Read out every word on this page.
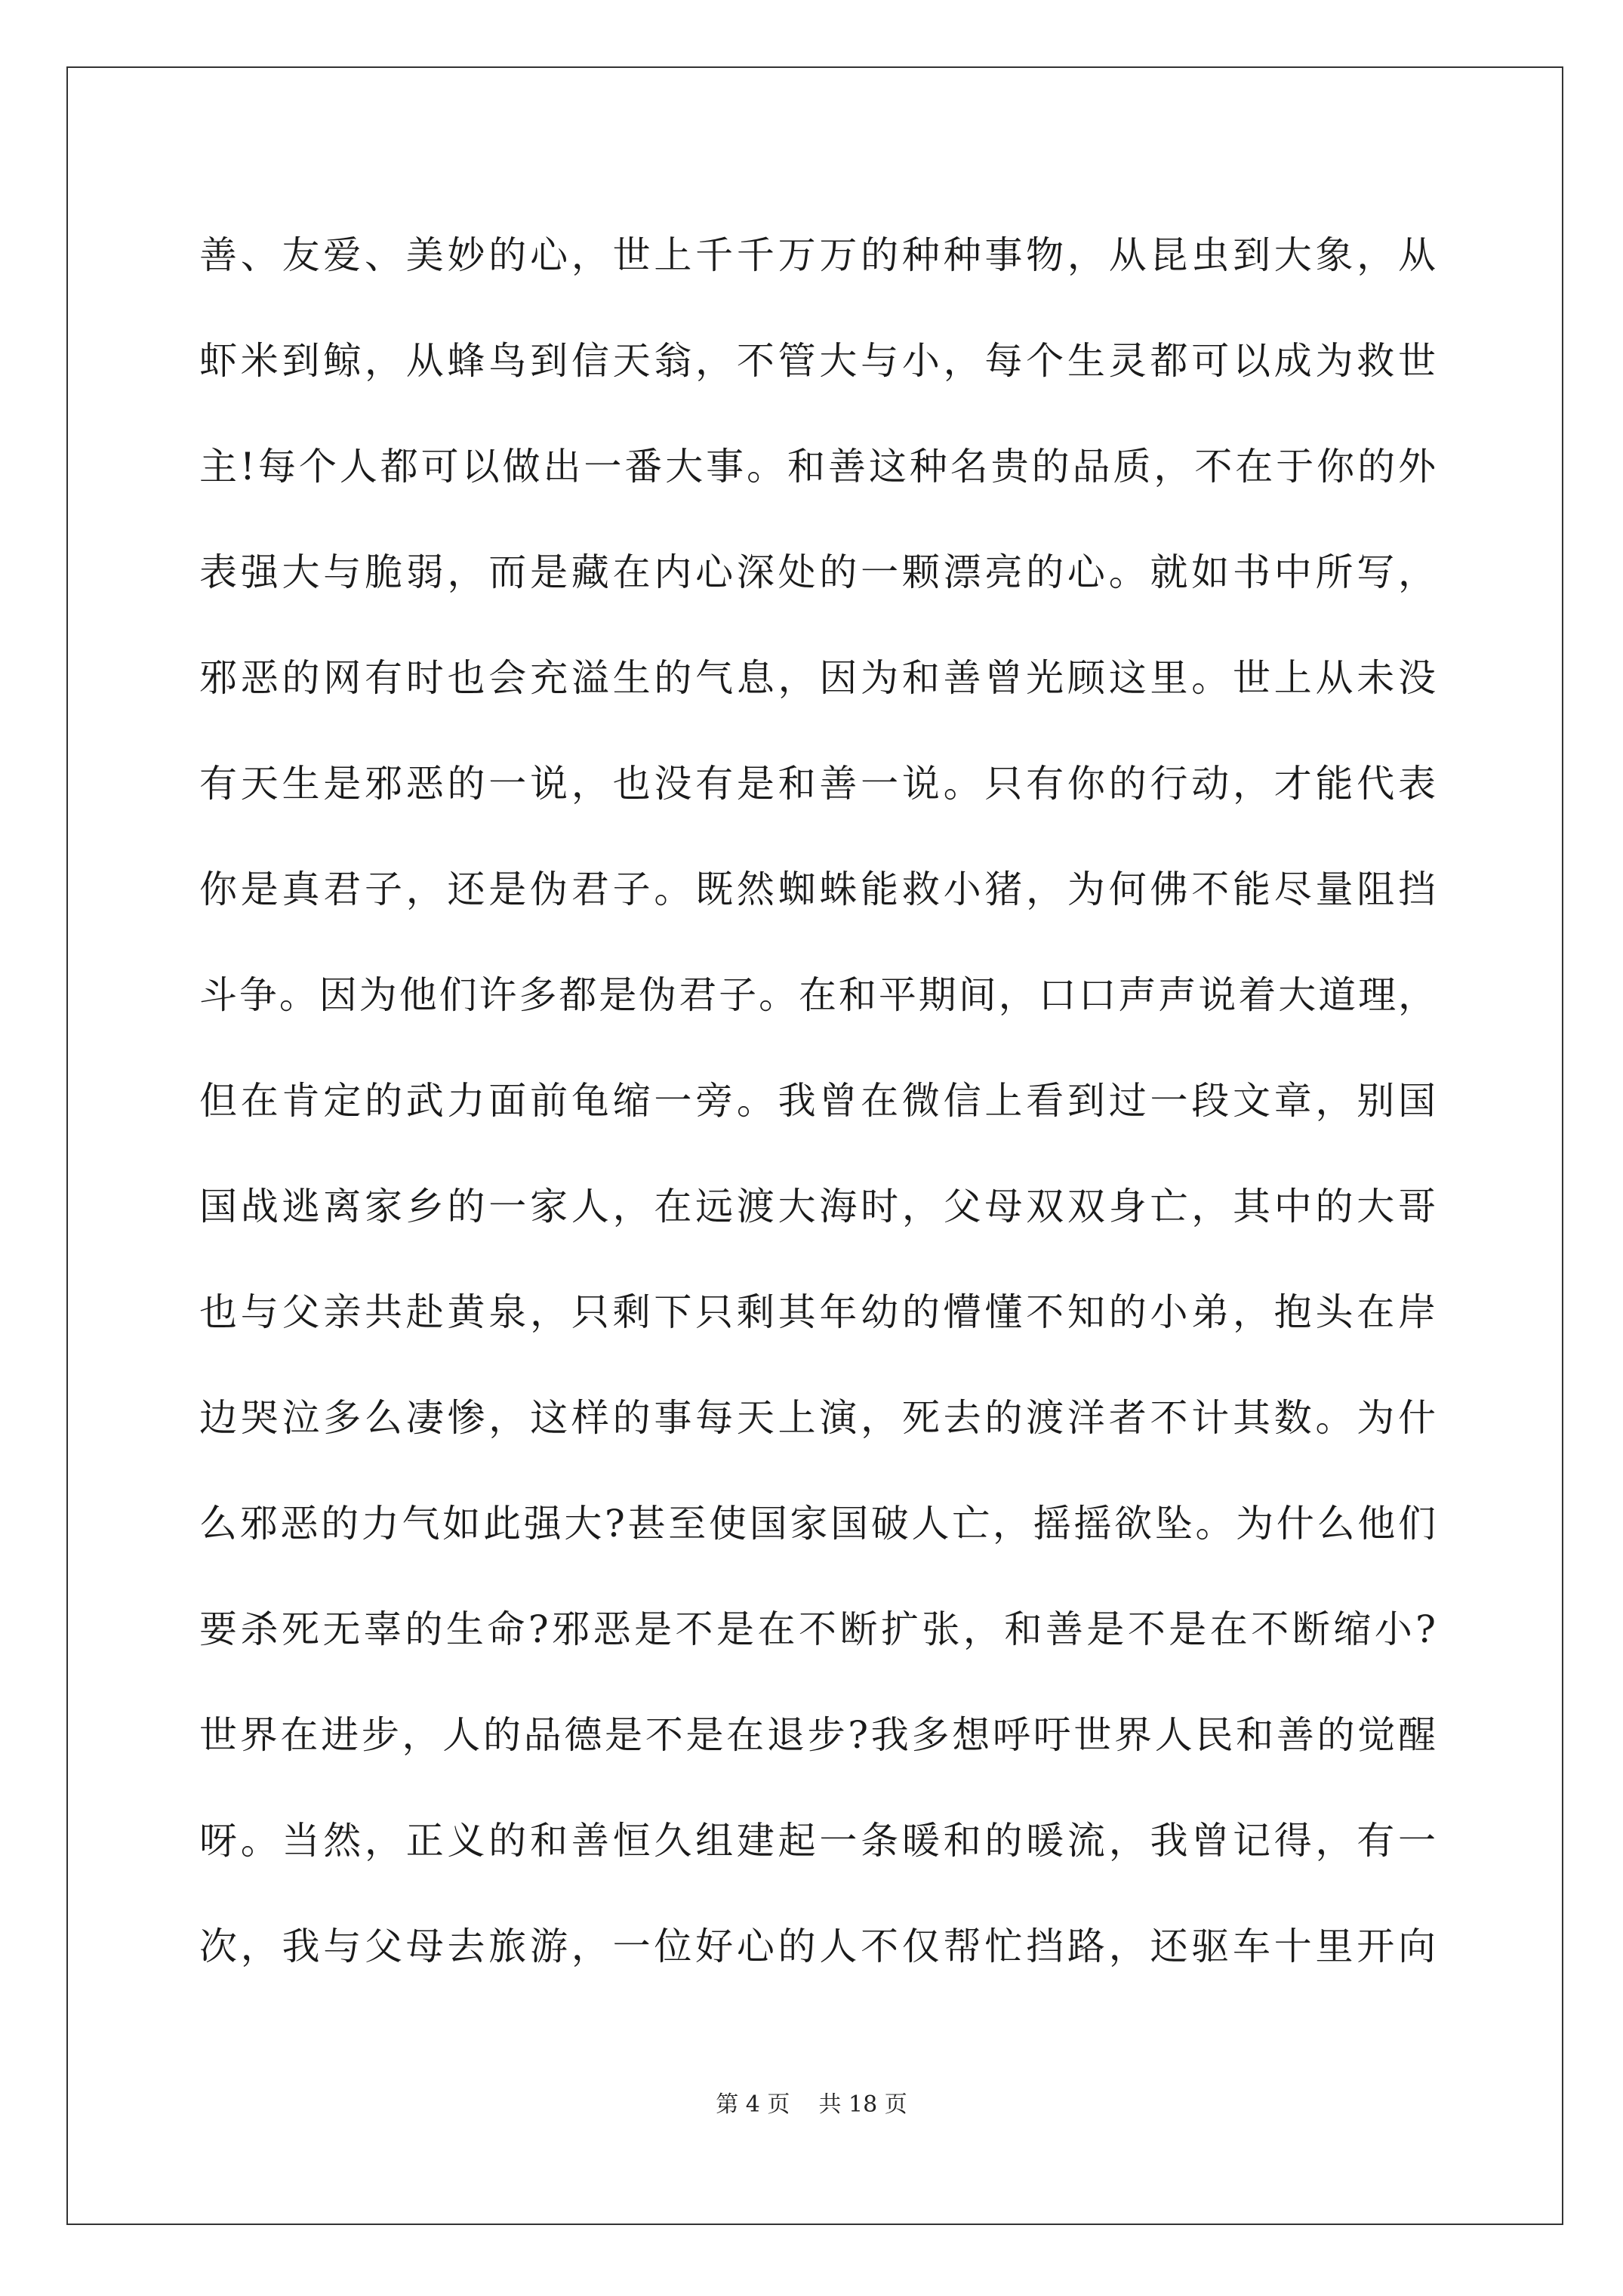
善、友爱、美妙的心，世上千千万万的种种事物，从昆虫到大象，从
虾米到鲸，从蜂鸟到信天翁，不管大与小，每个生灵都可以成为救世
主!每个人都可以做出一番大事。和善这种名贵的品质，不在于你的外
表强大与脆弱，而是藏在内心深处的一颗漂亮的心。就如书中所写，
邪恶的网有时也会充溢生的气息，因为和善曾光顾这里。世上从未没
有天生是邪恶的一说，也没有是和善一说。只有你的行动，才能代表
你是真君子，还是伪君子。既然蜘蛛能救小猪，为何佛不能尽量阻挡
斗争。因为他们许多都是伪君子。在和平期间，口口声声说着大道理，
但在肯定的武力面前龟缩一旁。我曾在微信上看到过一段文章，别国
国战逃离家乡的一家人，在远渡大海时，父母双双身亡，其中的大哥
也与父亲共赴黄泉，只剩下只剩其年幼的懵懂不知的小弟，抱头在岸
边哭泣多么凄惨，这样的事每天上演，死去的渡洋者不计其数。为什
么邪恶的力气如此强大?甚至使国家国破人亡，摇摇欲坠。为什么他们
要杀死无辜的生命?邪恶是不是在不断扩张，和善是不是在不断缩小?
世界在进步，人的品德是不是在退步?我多想呼吁世界人民和善的觉醒
呀。当然，正义的和善恒久组建起一条暖和的暖流，我曾记得，有一
次，我与父母去旅游，一位好心的人不仅帮忙挡路，还驱车十里开向
第 4 页    共 18 页
